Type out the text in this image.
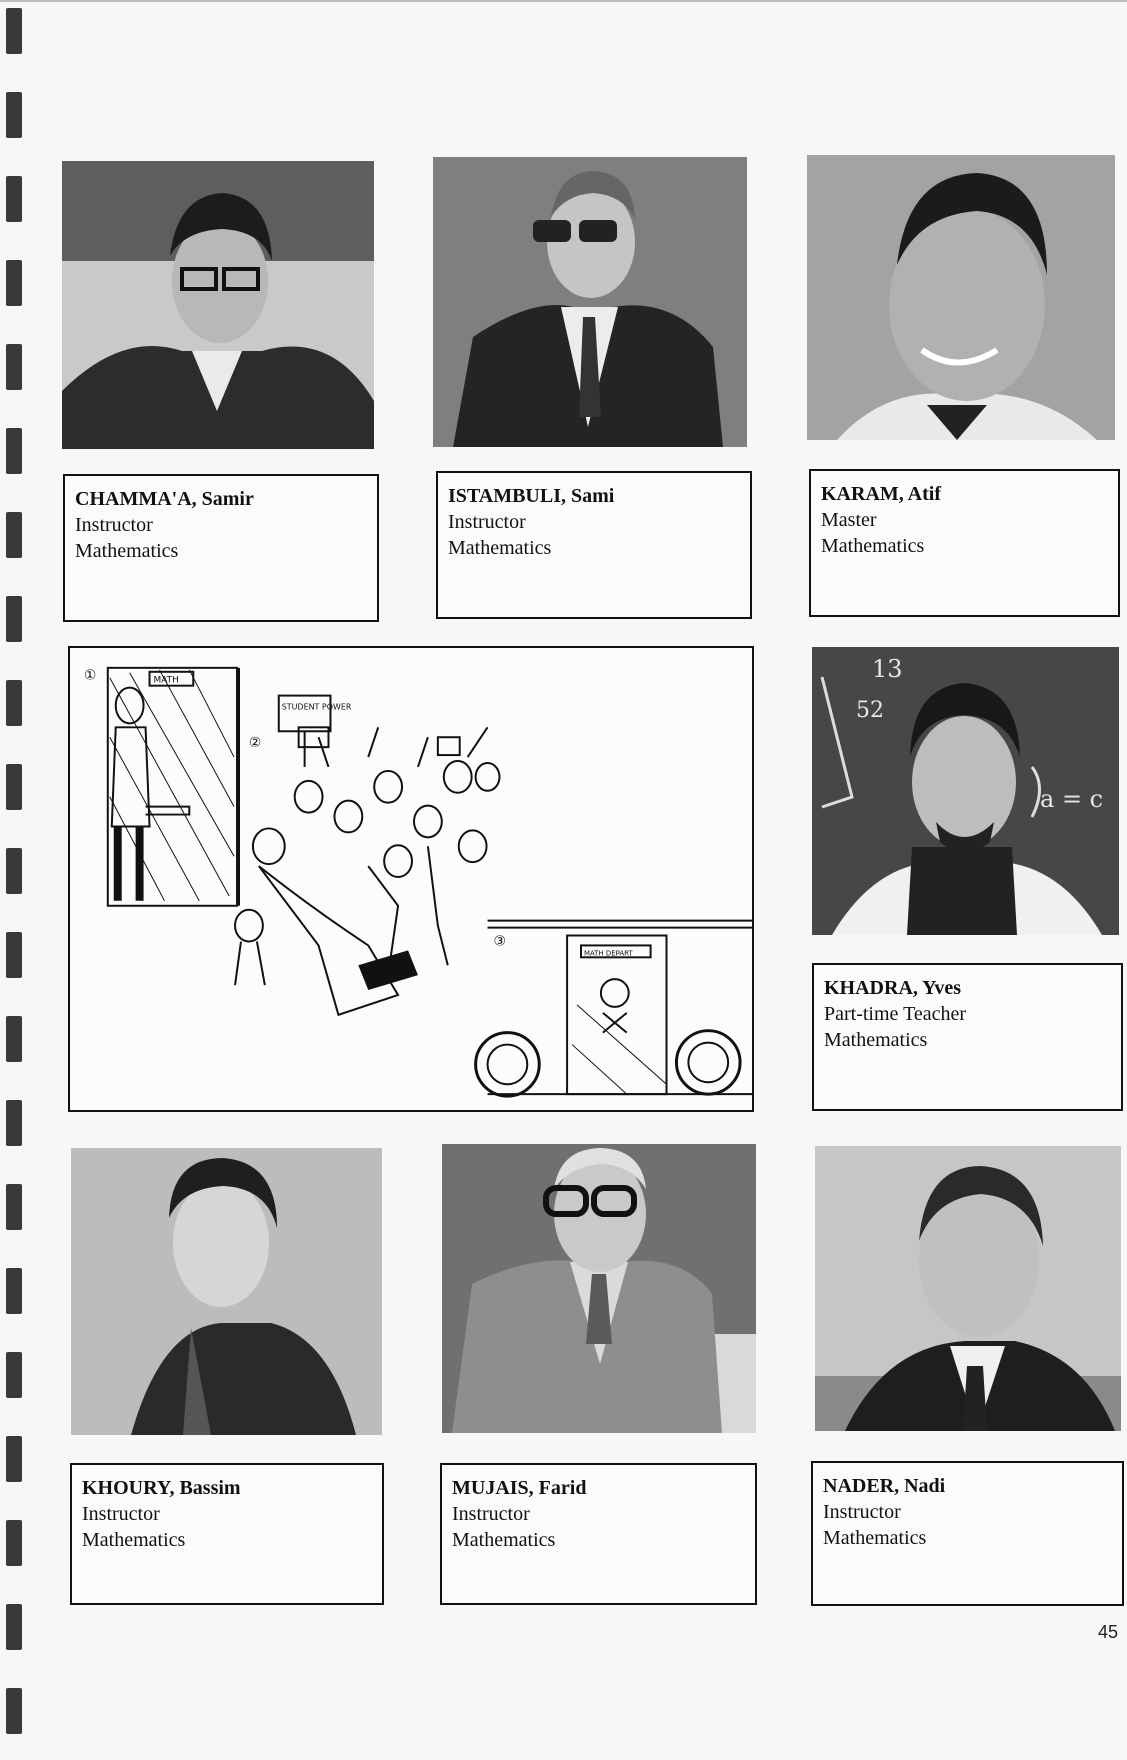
CHAMMA'A, Samir
Instructor
Mathematics
ISTAMBULI, Sami
Instructor
Mathematics
KARAM, Atif
Master
Mathematics
①
②
③
MATH
STUDENT POWER
MATH DEPART
13
52
a = c
KHADRA, Yves
Part-time Teacher
Mathematics
KHOURY, Bassim
Instructor
Mathematics
MUJAIS, Farid
Instructor
Mathematics
NADER, Nadi
Instructor
Mathematics
45
